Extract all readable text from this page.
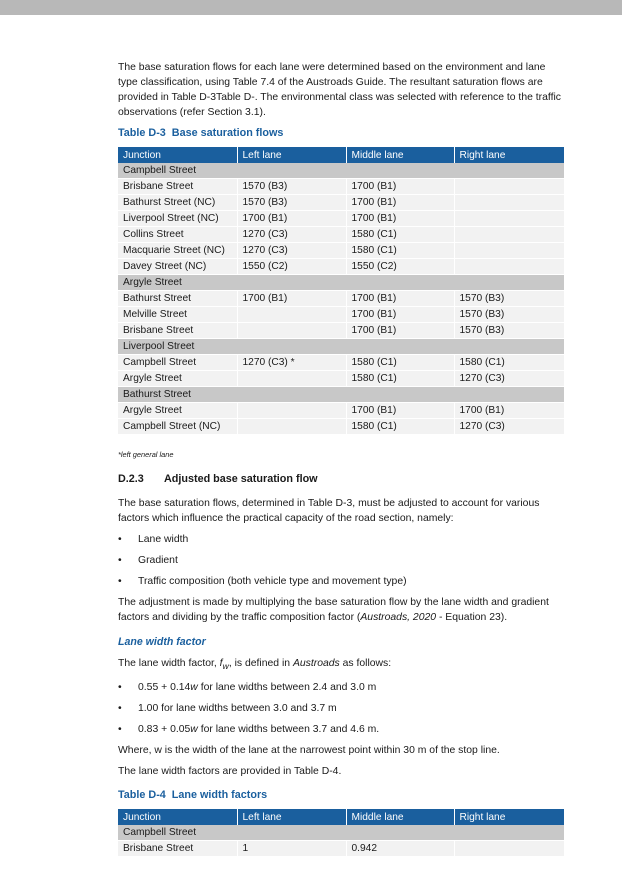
The base saturation flows for each lane were determined based on the environment and lane type classification, using Table 7.4 of the Austroads Guide. The resultant saturation flows are provided in Table D-3Table D-. The environmental class was selected with reference to the traffic observations (refer Section 3.1).

Table D-3 Base saturation flows
Junction	Left lane	Middle lane	Right lane
Campbell Street			
Brisbane Street	1570 (B3)	1700 (B1)	
Bathurst Street (NC)	1570 (B3)	1700 (B1)	
Liverpool Street (NC)	1700 (B1)	1700 (B1)	
Collins Street	1270 (C3)	1580 (C1)	
Macquarie Street (NC)	1270 (C3)	1580 (C1)	
Davey Street (NC)	1550 (C2)	1550 (C2)	
Argyle Street			
Bathurst Street	1700 (B1)	1700 (B1)	1570 (B3)
Melville Street		1700 (B1)	1570 (B3)
Brisbane Street		1700 (B1)	1570 (B3)
Liverpool Street			
Campbell Street	1270 (C3) *	1580 (C1)	1580 (C1)
Argyle Street		1580 (C1)	1270 (C3)
Bathurst Street			
Argyle Street		1700 (B1)	1700 (B1)
Campbell Street (NC)		1580 (C1)	1270 (C3)

*left general lane

D.2.3 Adjusted base saturation flow

The base saturation flows, determined in Table D-3, must be adjusted to account for various factors which influence the practical capacity of the road section, namely:

• Lane width
• Gradient
• Traffic composition (both vehicle type and movement type)

The adjustment is made by multiplying the base saturation flow by the lane width and gradient factors and dividing by the traffic composition factor (Austroads, 2020 - Equation 23).

Lane width factor

The lane width factor, $f_w$, is defined in Austroads as follows:

• 0.55 + 0.14w for lane widths between 2.4 and 3.0 m
• 1.00 for lane widths between 3.0 and 3.7 m
• 0.83 + 0.05w for lane widths between 3.7 and 4.6 m.

Where, w is the width of the lane at the narrowest point within 30 m of the stop line.

The lane width factors are provided in Table D-4.

Table D-4 Lane width factors
Junction	Left lane	Middle lane	Right lane
Campbell Street			
Brisbane Street	1	0.942	
